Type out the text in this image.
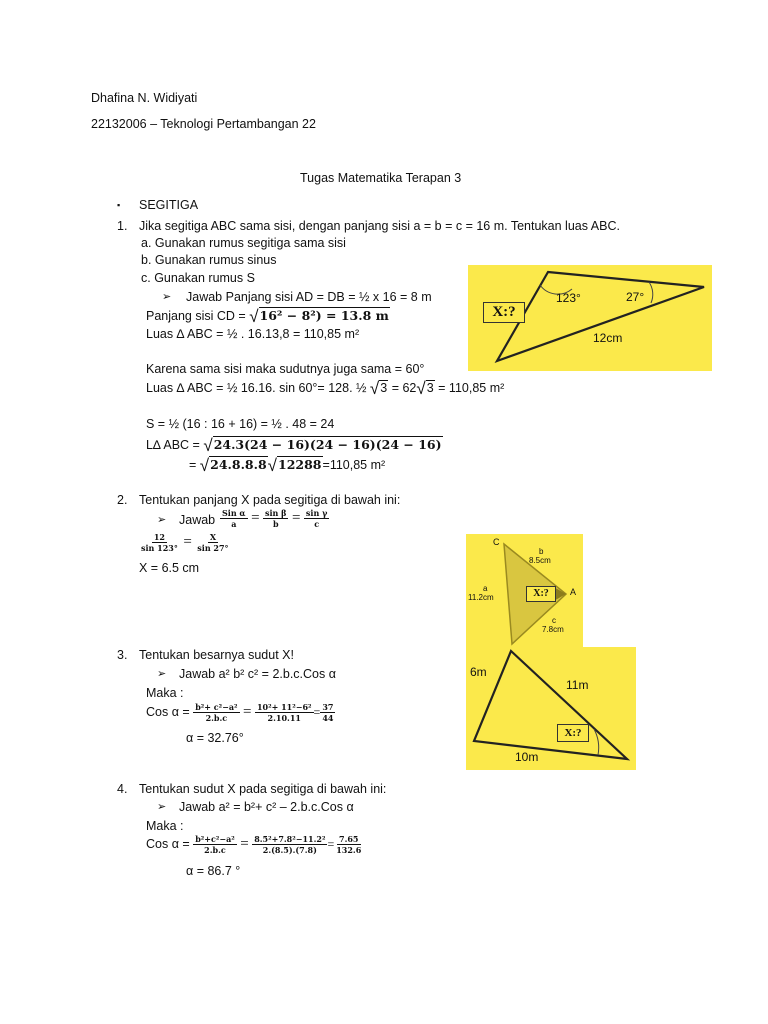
Dhafina N. Widiyati
22132006 – Teknologi Pertambangan 22
Tugas Matematika Terapan 3
▪ SEGITIGA
1. Jika segitiga ABC sama sisi, dengan panjang sisi a = b = c = 16 m. Tentukan luas ABC.
a. Gunakan rumus segitiga sama sisi
b. Gunakan rumus sinus
c. Gunakan rumus S
➢ Jawab Panjang sisi AD = DB = ½ x 16 = 8 m
Panjang sisi CD = √16² − 8²) = 13.8 m
Luas ∆ ABC = ½ . 16.13,8 = 110,85 m²
Karena sama sisi maka sudutnya juga sama = 60°
Luas ∆ ABC = ½ 16.16. sin 60°= 128. ½ √3 = 62√3 = 110,85 m²
S = ½ (16 : 16 + 16) = ½ . 48 = 24
L∆ ABC = √24.3(24 − 16)(24 − 16)(24 − 16)
= √24.8.8.8√12288=110,85 m²
2. Tentukan panjang X pada segitiga di bawah ini:
➢ Jawab $\frac{\text{Sin α}}{a} = \frac{\text{sin β}}{b} = \frac{\text{sin γ}}{c}$
$\frac{12}{\sin 123^\circ} = \frac{X}{\sin 27^\circ}$
X = 6.5 cm
3. Tentukan besarnya sudut X!
➢ Jawab a² b² c² = 2.b.c.Cos α
Maka :
Cos $\alpha = \frac{\text{b²+ c²−a²}}{2.b.c} = \frac{\text{10²+ 11²−6²}}{2.10.11} = \frac{37}{44}$
α = 32.76°
4. Tentukan sudut X pada segitiga di bawah ini:
➢ Jawab a² = b²+ c² – 2.b.c.Cos α
Maka :
Cos $\alpha = \frac{\text{b²+c²−a²}}{2.b.c} = \frac{\text{8.5²+7.8²−11.2²}}{2.(8.5).(7.8)} = \frac{7.65}{132.6}$
α = 86.7 °
X:?
123°	27°
12cm
C
b
8.5cm
a
11.2cm	X:?	A
c
7.8cm
6m
11m
X:?
10m
